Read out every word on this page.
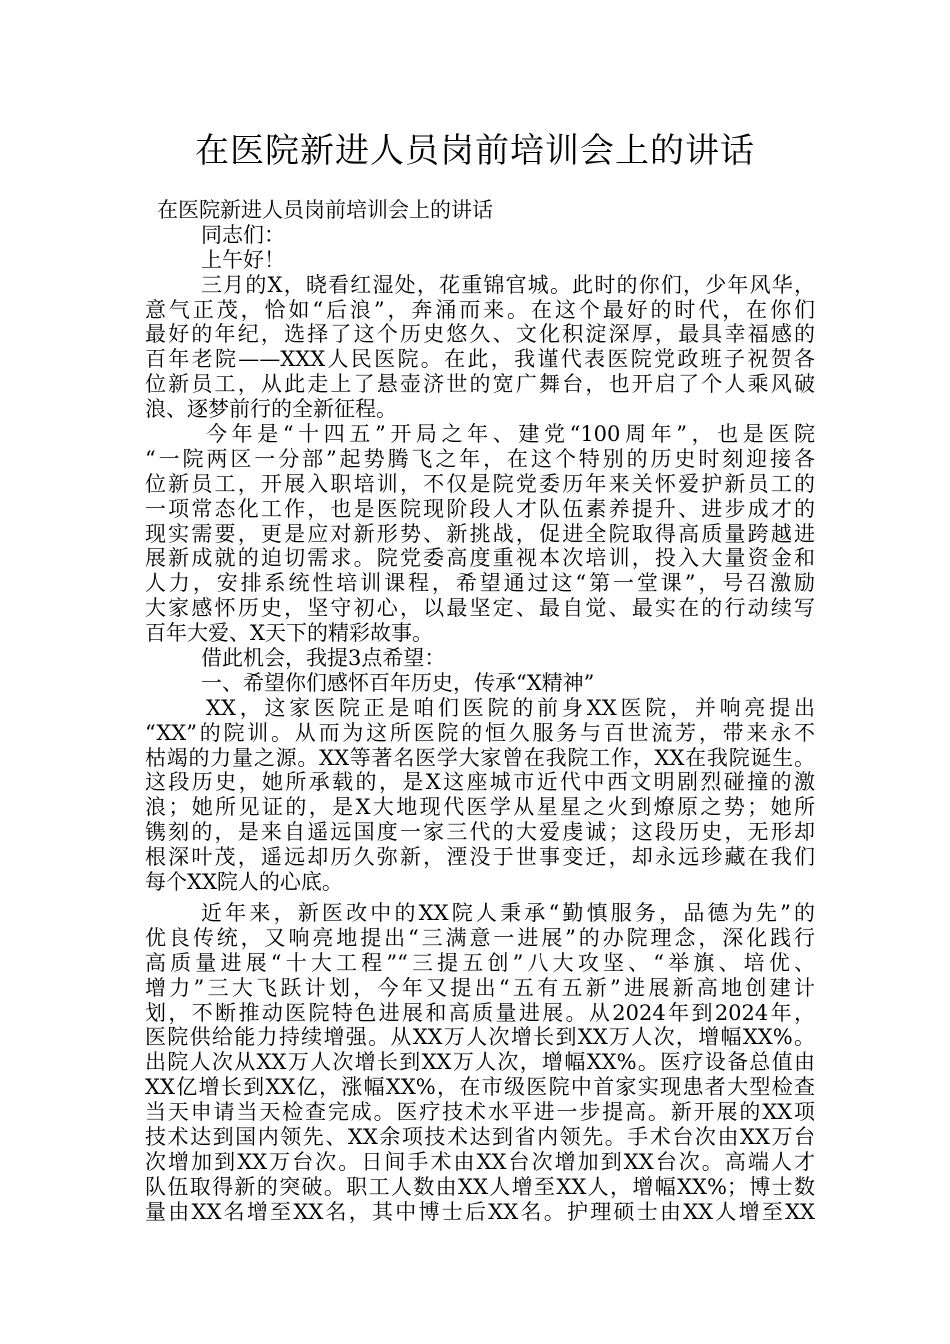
在医院新进人员岗前培训会上的讲话
在医院新进人员岗前培训会上的讲话
同志们：
上午好！
三月的X，晓看红湿处，花重锦官城。此时的你们，少年风华，
意气正茂，恰如“后浪”，奔涌而来。在这个最好的时代，在你们
最好的年纪，选择了这个历史悠久、文化积淀深厚，最具幸福感的
百年老院——XXX人民医院。在此，我谨代表医院党政班子祝贺各
位新员工，从此走上了悬壶济世的宽广舞台，也开启了个人乘风破
浪、逐梦前行的全新征程。
今年是“十四五”开局之年、建党“100周年”，也是医院
“一院两区一分部”起势腾飞之年，在这个特别的历史时刻迎接各
位新员工，开展入职培训，不仅是院党委历年来关怀爱护新员工的
一项常态化工作，也是医院现阶段人才队伍素养提升、进步成才的
现实需要，更是应对新形势、新挑战，促进全院取得高质量跨越进
展新成就的迫切需求。院党委高度重视本次培训，投入大量资金和
人力，安排系统性培训课程，希望通过这“第一堂课”，号召激励
大家感怀历史，坚守初心，以最坚定、最自觉、最实在的行动续写
百年大爱、X天下的精彩故事。
借此机会，我提3点希望：
一、希望你们感怀百年历史，传承“X精神”
XX，这家医院正是咱们医院的前身XX医院，并响亮提出
“XX”的院训。从而为这所医院的恒久服务与百世流芳，带来永不
枯竭的力量之源。XX等著名医学大家曾在我院工作，XX在我院诞生。
这段历史，她所承载的，是X这座城市近代中西文明剧烈碰撞的激
浪；她所见证的，是X大地现代医学从星星之火到燎原之势；她所
镌刻的，是来自遥远国度一家三代的大爱虔诚；这段历史，无形却
根深叶茂，遥远却历久弥新，湮没于世事变迁，却永远珍藏在我们
每个XX院人的心底。
近年来，新医改中的XX院人秉承“勤慎服务，品德为先”的
优良传统，又响亮地提出“三满意一进展”的办院理念，深化践行
高质量进展“十大工程”“三提五创”八大攻坚、“举旗、培优、
增力”三大飞跃计划，今年又提出“五有五新”进展新高地创建计
划，不断推动医院特色进展和高质量进展。从2024年到2024年，
医院供给能力持续增强。从XX万人次增长到XX万人次，增幅XX%。
出院人次从XX万人次增长到XX万人次，增幅XX%。医疗设备总值由
XX亿增长到XX亿，涨幅XX%，在市级医院中首家实现患者大型检查
当天申请当天检查完成。医疗技术水平进一步提高。新开展的XX项
技术达到国内领先、XX余项技术达到省内领先。手术台次由XX万台
次增加到XX万台次。日间手术由XX台次增加到XX台次。高端人才
队伍取得新的突破。职工人数由XX人增至XX人，增幅XX%；博士数
量由XX名增至XX名，其中博士后XX名。护理硕士由XX人增至XX
